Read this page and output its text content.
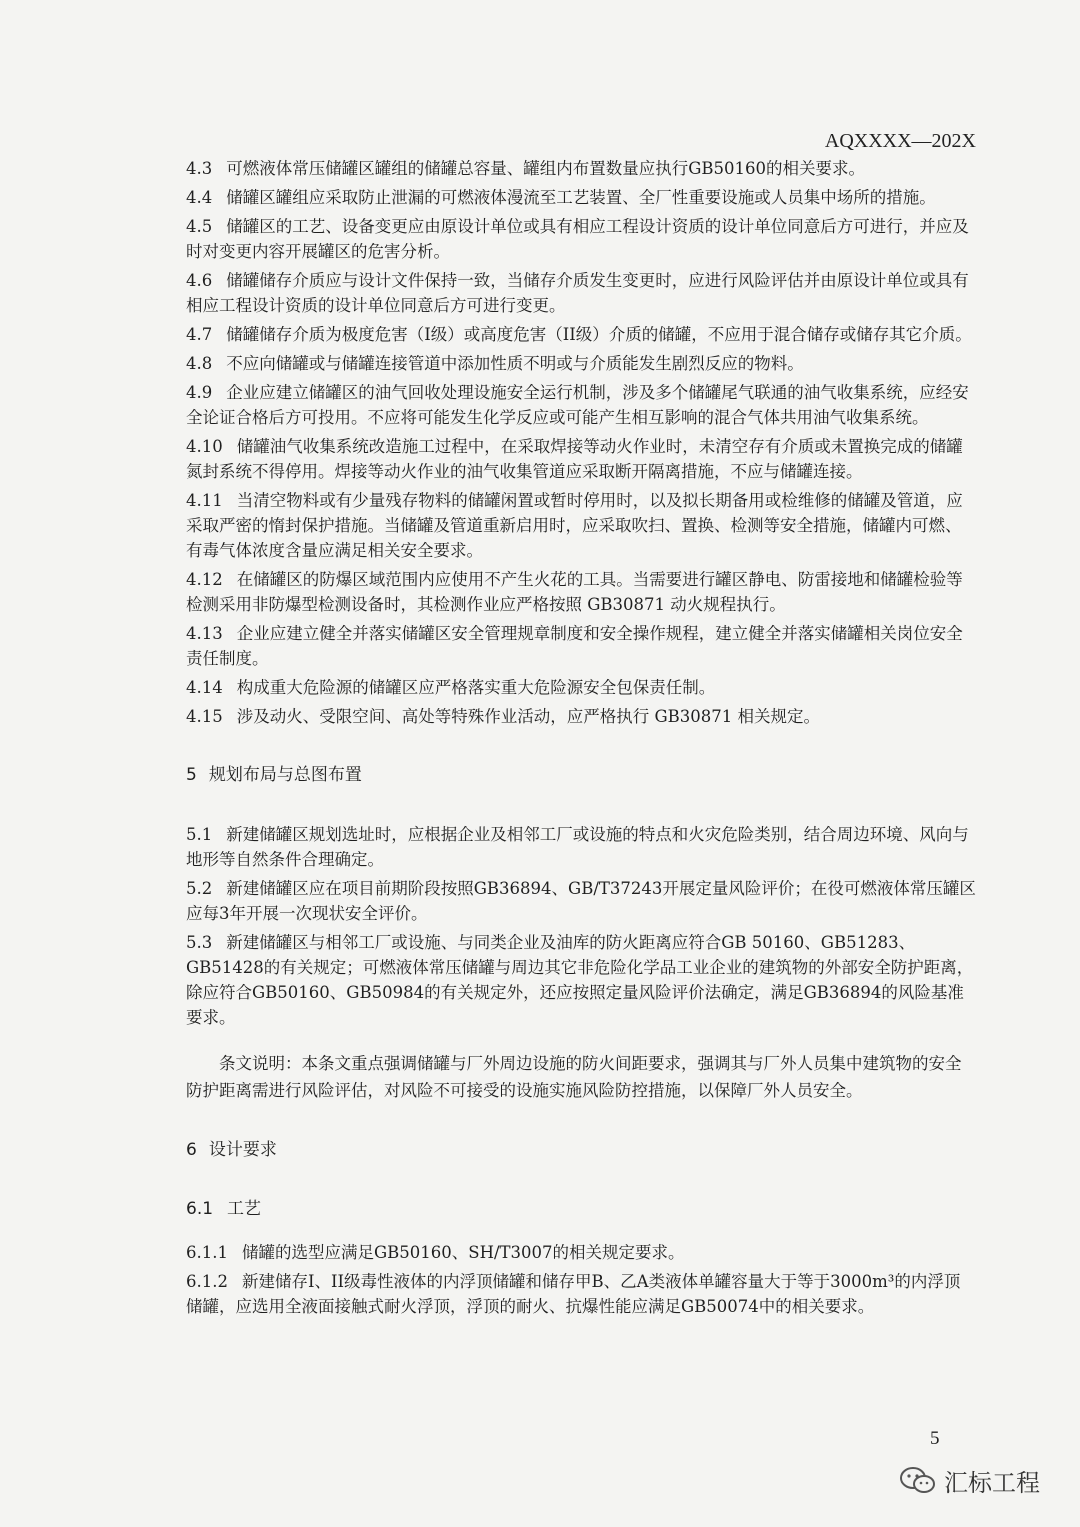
AQXXXX—202X

4.3 可燃液体常压储罐区罐组的储罐总容量、罐组内布置数量应执行GB50160的相关要求。

4.4 储罐区罐组应采取防止泄漏的可燃液体漫流至工艺装置、全厂性重要设施或人员集中场所的措施。

4.5 储罐区的工艺、设备变更应由原设计单位或具有相应工程设计资质的设计单位同意后方可进行，并应及时对变更内容开展罐区的危害分析。

4.6 储罐储存介质应与设计文件保持一致，当储存介质发生变更时，应进行风险评估并由原设计单位或具有相应工程设计资质的设计单位同意后方可进行变更。

4.7 储罐储存介质为极度危害（I级）或高度危害（II级）介质的储罐，不应用于混合储存或储存其它介质。

4.8 不应向储罐或与储罐连接管道中添加性质不明或与介质能发生剧烈反应的物料。

4.9 企业应建立储罐区的油气回收处理设施安全运行机制，涉及多个储罐尾气联通的油气收集系统，应经安全论证合格后方可投用。不应将可能发生化学反应或可能产生相互影响的混合气体共用油气收集系统。

4.10 储罐油气收集系统改造施工过程中，在采取焊接等动火作业时，未清空存有介质或未置换完成的储罐氮封系统不得停用。焊接等动火作业的油气收集管道应采取断开隔离措施，不应与储罐连接。

4.11 当清空物料或有少量残存物料的储罐闲置或暂时停用时，以及拟长期备用或检维修的储罐及管道，应采取严密的惰封保护措施。当储罐及管道重新启用时，应采取吹扫、置换、检测等安全措施，储罐内可燃、有毒气体浓度含量应满足相关安全要求。

4.12 在储罐区的防爆区域范围内应使用不产生火花的工具。当需要进行罐区静电、防雷接地和储罐检验等检测采用非防爆型检测设备时，其检测作业应严格按照 GB30871 动火规程执行。

4.13 企业应建立健全并落实储罐区安全管理规章制度和安全操作规程，建立健全并落实储罐相关岗位安全责任制度。

4.14 构成重大危险源的储罐区应严格落实重大危险源安全包保责任制。

4.15 涉及动火、受限空间、高处等特殊作业活动，应严格执行 GB30871 相关规定。

5 规划布局与总图布置

5.1 新建储罐区规划选址时，应根据企业及相邻工厂或设施的特点和火灾危险类别，结合周边环境、风向与地形等自然条件合理确定。

5.2 新建储罐区应在项目前期阶段按照GB36894、GB/T37243开展定量风险评价；在役可燃液体常压罐区应每3年开展一次现状安全评价。

5.3 新建储罐区与相邻工厂或设施、与同类企业及油库的防火距离应符合GB 50160、GB51283、GB51428的有关规定；可燃液体常压储罐与周边其它非危险化学品工业企业的建筑物的外部安全防护距离，除应符合GB50160、GB50984的有关规定外，还应按照定量风险评价法确定，满足GB36894的风险基准要求。

条文说明：本条文重点强调储罐与厂外周边设施的防火间距要求，强调其与厂外人员集中建筑物的安全防护距离需进行风险评估，对风险不可接受的设施实施风险防控措施，以保障厂外人员安全。

6 设计要求
6.1 工艺

6.1.1 储罐的选型应满足GB50160、SH/T3007的相关规定要求。

6.1.2 新建储存I、II级毒性液体的内浮顶储罐和储存甲B、乙A类液体单罐容量大于等于3000m³的内浮顶储罐，应选用全液面接触式耐火浮顶，浮顶的耐火、抗爆性能应满足GB50074中的相关要求。

5
汇标工程
